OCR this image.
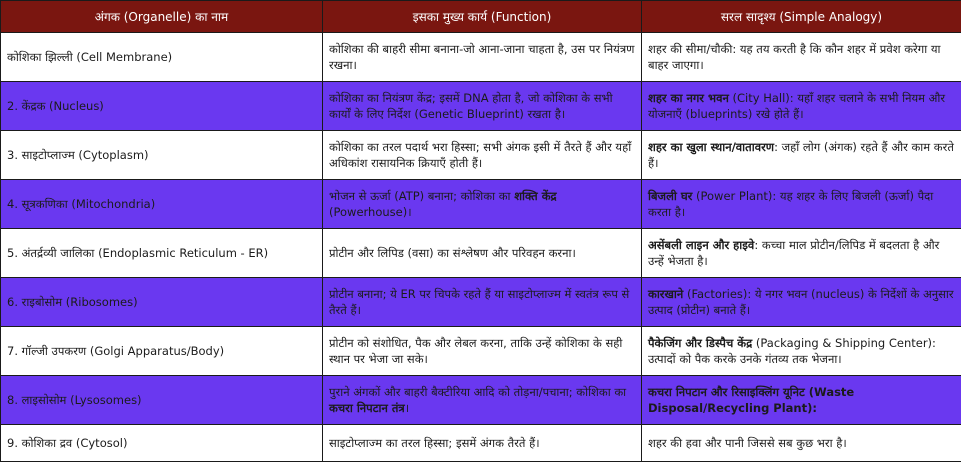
अंगक (Organelle) का नाम	इसका मुख्य कार्य (Function)	सरल सादृश्य (Simple Analogy)
कोशिका झिल्ली (Cell Membrane)	कोशिका की बाहरी सीमा बनाना-जो आना-जाना चाहता है, उस पर नियंत्रण रखना।	शहर की सीमा/चौकी: यह तय करती है कि कौन शहर में प्रवेश करेगा या बाहर जाएगा।
2. केंद्रक (Nucleus)	कोशिका का नियंत्रण केंद्र; इसमें DNA होता है, जो कोशिका के सभी कार्यों के लिए निर्देश (Genetic Blueprint) रखता है।	शहर का नगर भवन (City Hall): यहाँ शहर चलाने के सभी नियम और योजनाएँ (blueprints) रखे होते हैं।
3. साइटोप्लाज्म (Cytoplasm)	कोशिका का तरल पदार्थ भरा हिस्सा; सभी अंगक इसी में तैरते हैं और यहाँ अधिकांश रासायनिक क्रियाएँ होती हैं।	शहर का खुला स्थान/वातावरण: जहाँ लोग (अंगक) रहते हैं और काम करते हैं।
4. सूत्रकणिका (Mitochondria)	भोजन से ऊर्जा (ATP) बनाना; कोशिका का शक्ति केंद्र (Powerhouse)।	बिजली घर (Power Plant): यह शहर के लिए बिजली (ऊर्जा) पैदा करता है।
5. अंतर्द्रव्यी जालिका (Endoplasmic Reticulum - ER)	प्रोटीन और लिपिड (वसा) का संश्लेषण और परिवहन करना।	असेंबली लाइन और हाइवे: कच्चा माल प्रोटीन/लिपिड में बदलता है और उन्हें भेजता है।
6. राइबोसोम (Ribosomes)	प्रोटीन बनाना; ये ER पर चिपके रहते हैं या साइटोप्लाज्म में स्वतंत्र रूप से तैरते हैं।	कारखाने (Factories): ये नगर भवन (nucleus) के निर्देशों के अनुसार उत्पाद (प्रोटीन) बनाते हैं।
7. गॉल्जी उपकरण (Golgi Apparatus/Body)	प्रोटीन को संशोधित, पैक और लेबल करना, ताकि उन्हें कोशिका के सही स्थान पर भेजा जा सके।	पैकेजिंग और डिस्पैच केंद्र (Packaging & Shipping Center): उत्पादों को पैक करके उनके गंतव्य तक भेजना।
8. लाइसोसोम (Lysosomes)	पुराने अंगकों और बाहरी बैक्टीरिया आदि को तोड़ना/पचाना; कोशिका का कचरा निपटान तंत्र।	कचरा निपटान और रिसाइक्लिंग यूनिट (Waste Disposal/Recycling Plant):
9. कोशिका द्रव (Cytosol)	साइटोप्लाज्म का तरल हिस्सा; इसमें अंगक तैरते हैं।	शहर की हवा और पानी जिससे सब कुछ भरा है।
